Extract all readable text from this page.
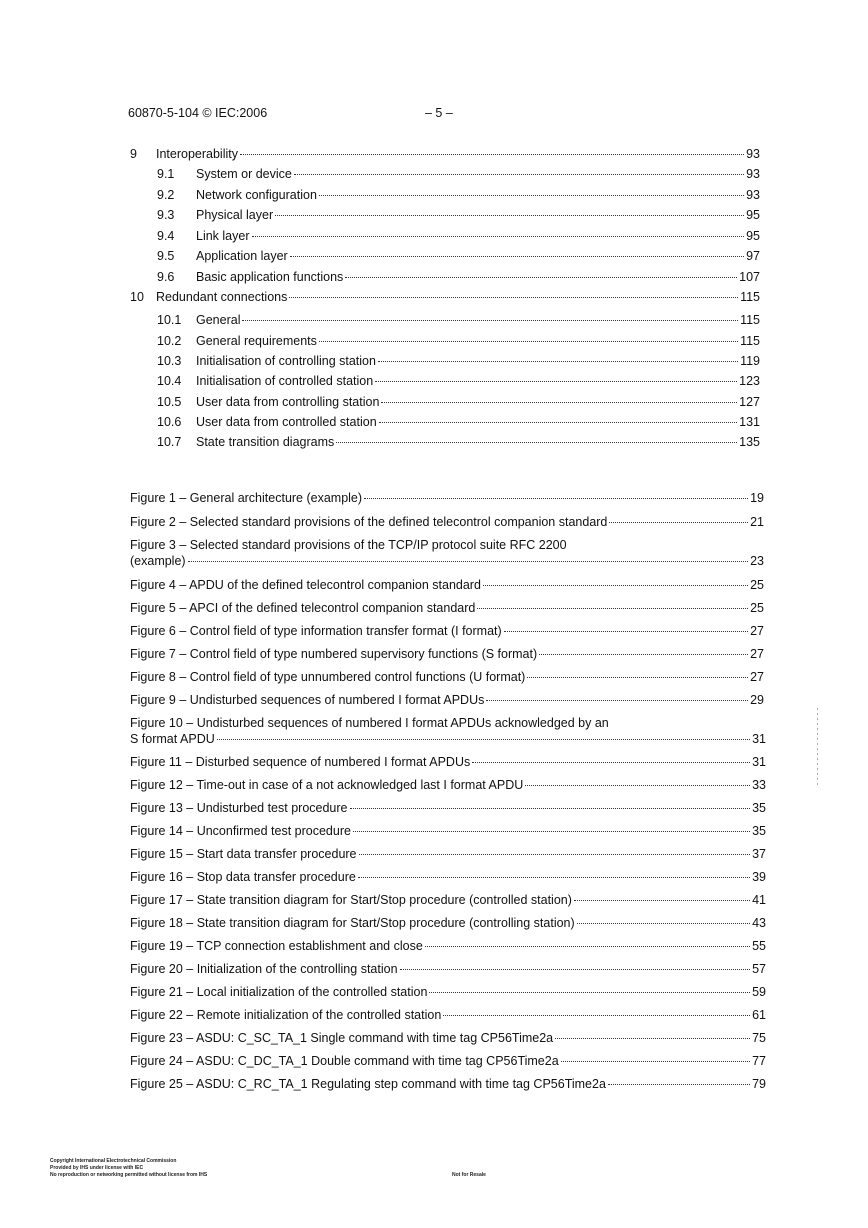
60870-5-104 © IEC:2006	– 5 –
9	Interoperability	93
9.1	System or device	93
9.2	Network configuration	93
9.3	Physical layer	95
9.4	Link layer	95
9.5	Application layer	97
9.6	Basic application functions	107
10 Redundant connections	115
10.1	General	115
10.2	General requirements	115
10.3	Initialisation of controlling station	119
10.4	Initialisation of controlled station	123
10.5	User data from controlling station	127
10.6	User data from controlled station	131
10.7	State transition diagrams	135
Figure 1 – General architecture (example)	19
Figure 2 – Selected standard provisions of the defined telecontrol companion standard	21
Figure 3 – Selected standard provisions of the TCP/IP protocol suite RFC 2200
(example)	23
Figure 4 – APDU of the defined telecontrol companion standard	25
Figure 5 – APCI of the defined telecontrol companion standard	25
Figure 6 – Control field of type information transfer format (I format)	27
Figure 7 – Control field of type numbered supervisory functions (S format)	27
Figure 8 – Control field of type unnumbered control functions (U format)	27
Figure 9 – Undisturbed sequences of numbered I format APDUs	29
Figure 10 – Undisturbed sequences of numbered I format APDUs acknowledged by an
S format APDU	31
Figure 11 – Disturbed sequence of numbered I format APDUs	31
Figure 12 – Time-out in case of a not acknowledged last I format APDU	33
Figure 13 – Undisturbed test procedure	35
Figure 14 – Unconfirmed test procedure	35
Figure 15 – Start data transfer procedure	37
Figure 16 – Stop data transfer procedure	39
Figure 17 – State transition diagram for Start/Stop procedure (controlled station)	41
Figure 18 – State transition diagram for Start/Stop procedure (controlling station)	43
Figure 19 – TCP connection establishment and close	55
Figure 20 – Initialization of the controlling station	57
Figure 21 – Local initialization of the controlled station	59
Figure 22 – Remote initialization of the controlled station	61
Figure 23 – ASDU: C_SC_TA_1 Single command with time tag CP56Time2a	75
Figure 24 – ASDU: C_DC_TA_1 Double command with time tag CP56Time2a	77
Figure 25 – ASDU: C_RC_TA_1 Regulating step command with time tag CP56Time2a	79
Copyright International Electrotechnical Commission
Provided by IHS under license with IEC
No reproduction or networking permitted without license from IHS	Not for Resale
